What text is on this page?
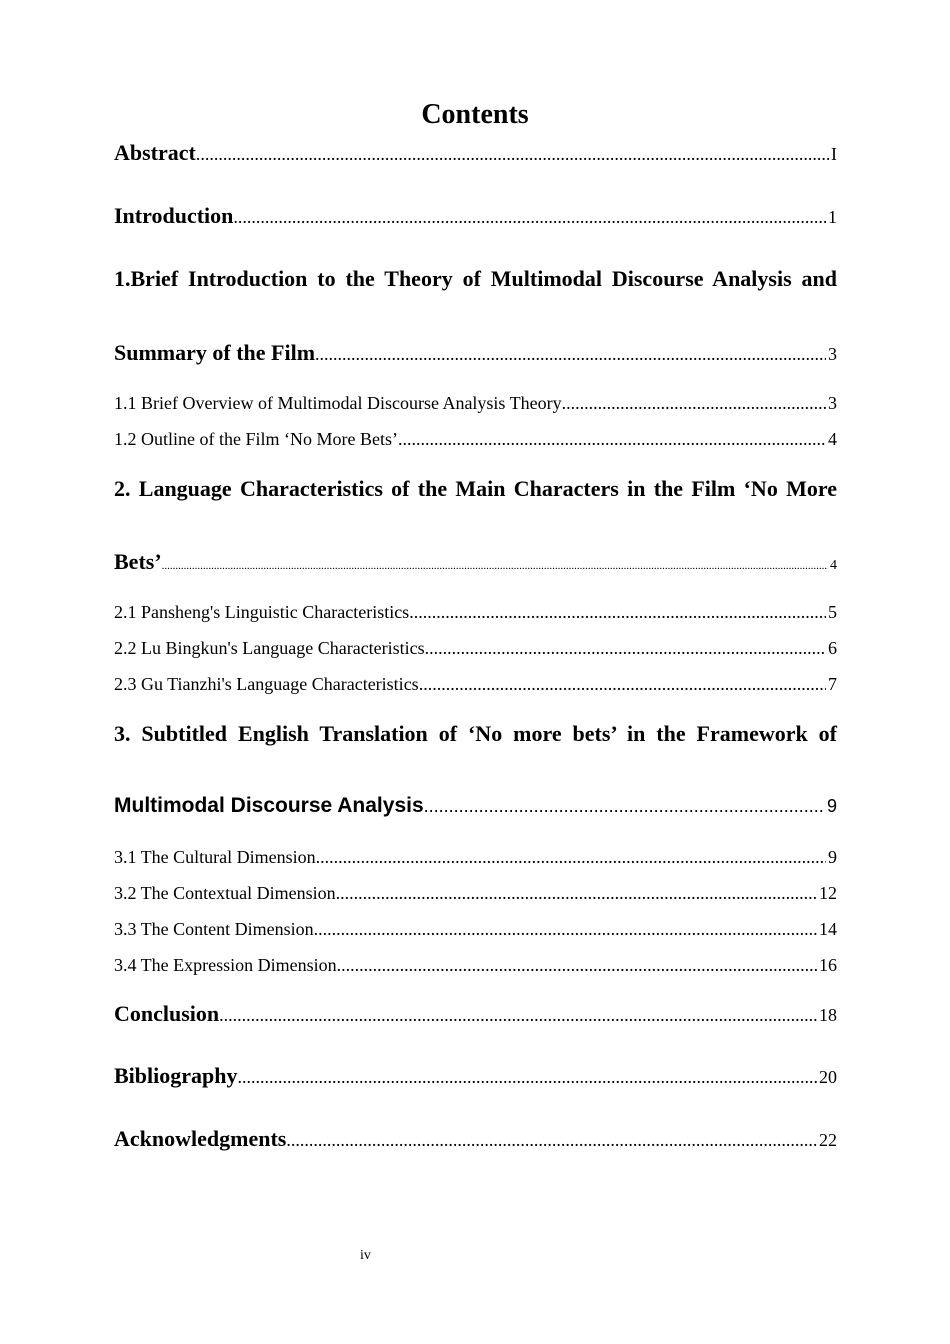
Contents
Abstract .....	I
Introduction .....	1
1.Brief Introduction to the Theory of Multimodal Discourse Analysis and
Summary of the Film .....	3
1.1 Brief Overview of Multimodal Discourse Analysis Theory .....	3
1.2 Outline of the Film ‘No More Bets’ .....	4
2. Language Characteristics of the Main Characters in the Film ‘No More
Bets’ .....	4
2.1 Pansheng's Linguistic Characteristics .....	5
2.2 Lu Bingkun's Language Characteristics .....	6
2.3 Gu Tianzhi's Language Characteristics .....	7
3. Subtitled English Translation of ‘No more bets’ in the Framework of
Multimodal Discourse Analysis .....	9
3.1 The Cultural Dimension .....	9
3.2 The Contextual Dimension .....	12
3.3 The Content Dimension .....	14
3.4 The Expression Dimension .....	16
Conclusion .....	18
Bibliography .....	20
Acknowledgments .....	22
iv
